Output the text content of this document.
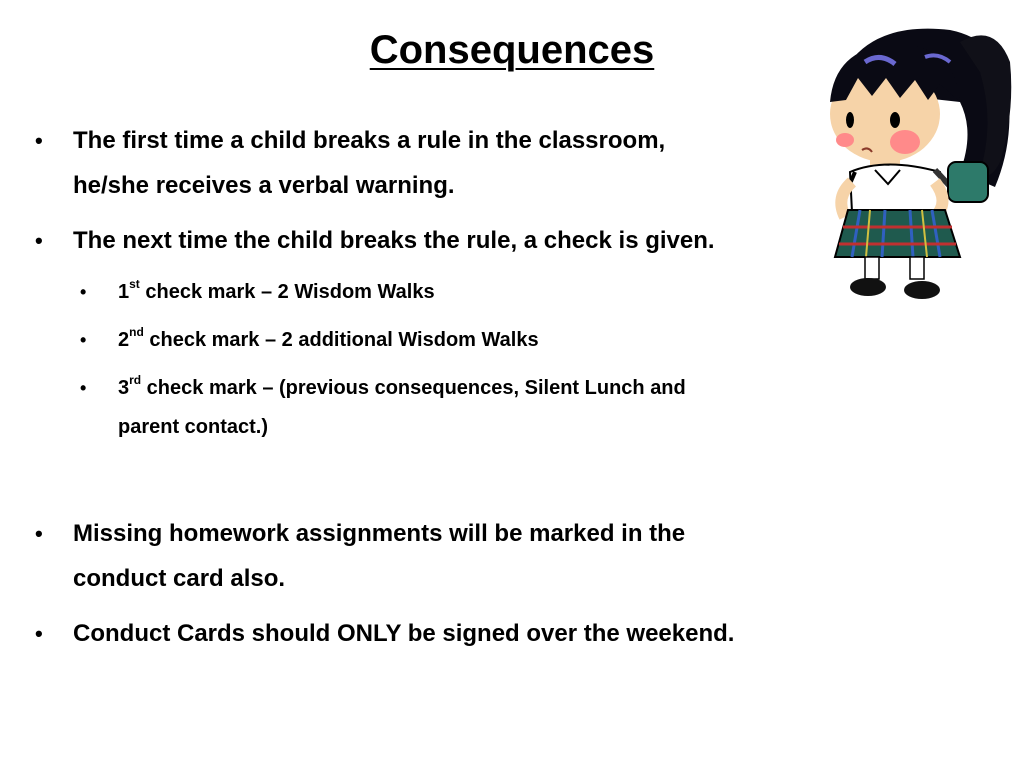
Consequences

• The first time a child breaks a rule in the classroom,
he/she receives a verbal warning.

• The next time the child breaks the rule, a check is given.

• 1st check mark – 2 Wisdom Walks

• 2nd check mark – 2 additional Wisdom Walks

• 3rd check mark – (previous consequences, Silent Lunch and
parent contact.)

• Missing homework assignments will be marked in the
conduct card also.

• Conduct Cards should ONLY be signed over the weekend.
